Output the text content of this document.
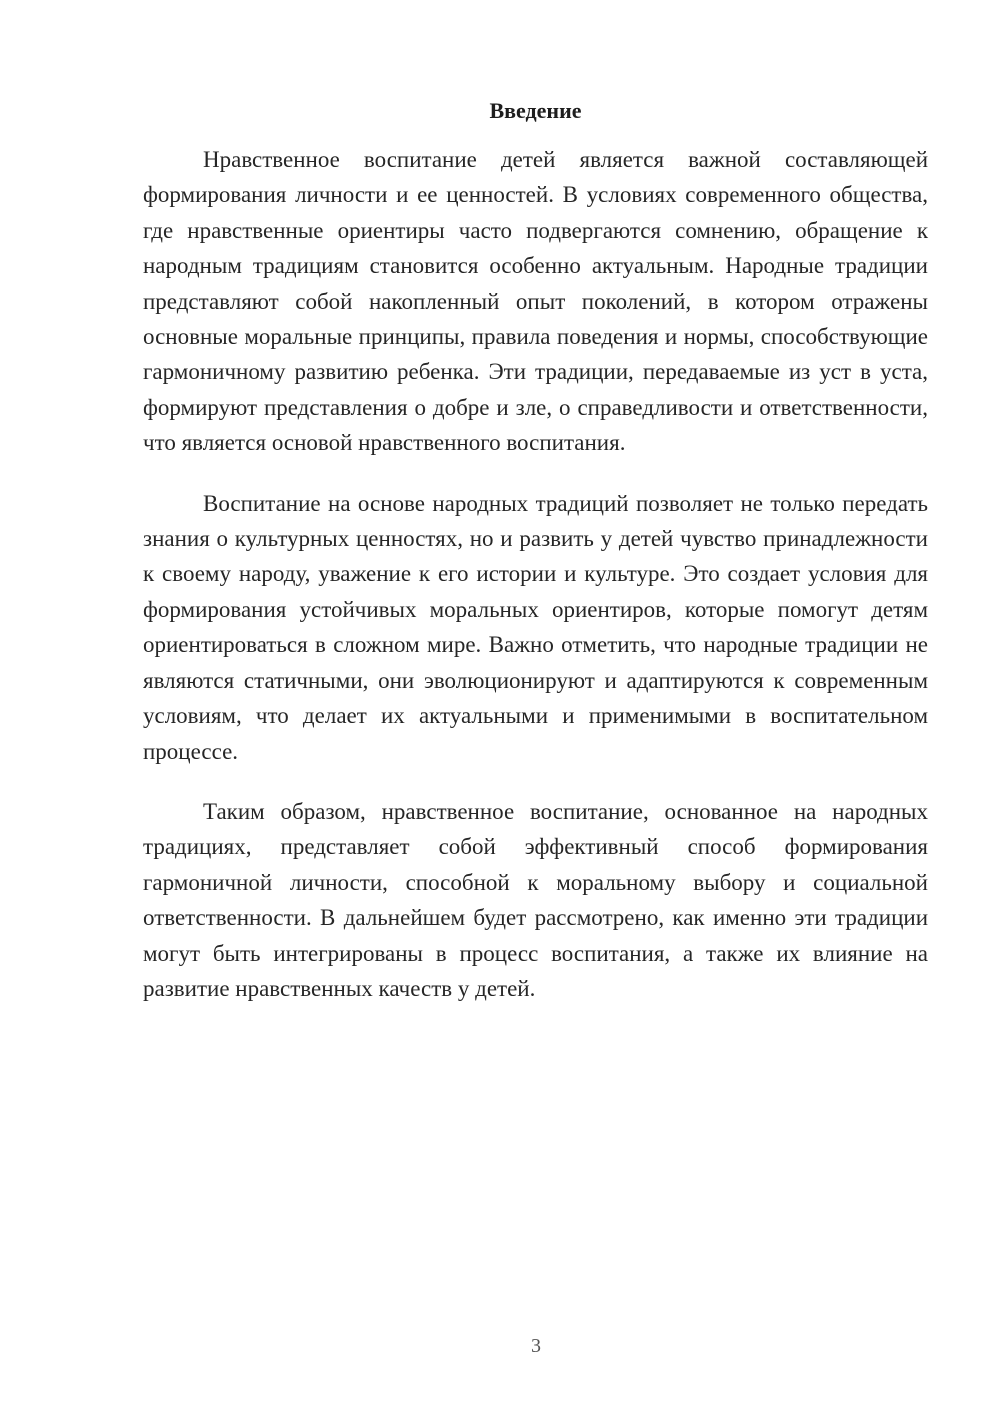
Введение

Нравственное воспитание детей является важной составляющей формирования личности и ее ценностей. В условиях современного общества, где нравственные ориентиры часто подвергаются сомнению, обращение к народным традициям становится особенно актуальным. Народные традиции представляют собой накопленный опыт поколений, в котором отражены основные моральные принципы, правила поведения и нормы, способствующие гармоничному развитию ребенка. Эти традиции, передаваемые из уст в уста, формируют представления о добре и зле, о справедливости и ответственности, что является основой нравственного воспитания.

Воспитание на основе народных традиций позволяет не только передать знания о культурных ценностях, но и развить у детей чувство принадлежности к своему народу, уважение к его истории и культуре. Это создает условия для формирования устойчивых моральных ориентиров, которые помогут детям ориентироваться в сложном мире. Важно отметить, что народные традиции не являются статичными, они эволюционируют и адаптируются к современным условиям, что делает их актуальными и применимыми в воспитательном процессе.

Таким образом, нравственное воспитание, основанное на народных традициях, представляет собой эффективный способ формирования гармоничной личности, способной к моральному выбору и социальной ответственности. В дальнейшем будет рассмотрено, как именно эти традиции могут быть интегрированы в процесс воспитания, а также их влияние на развитие нравственных качеств у детей.

3
